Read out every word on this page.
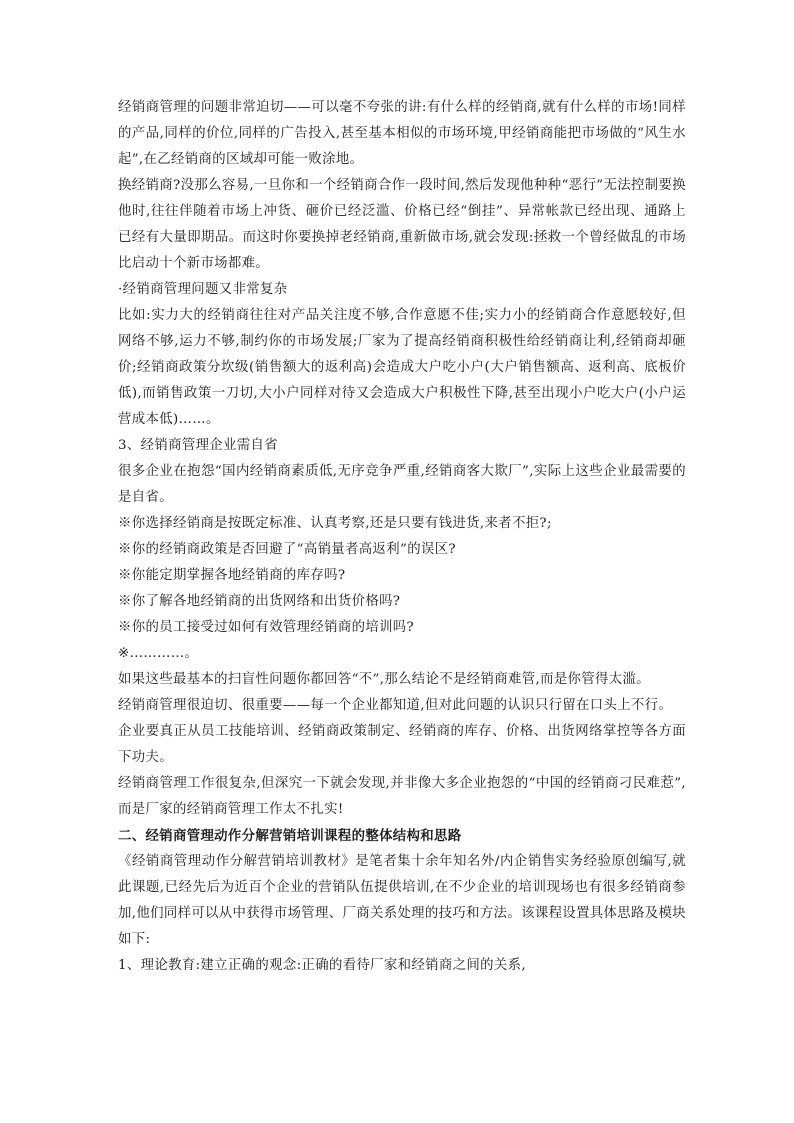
经销商管理的问题非常迫切——可以毫不夸张的讲:有什么样的经销商,就有什么样的市场!同样的产品,同样的价位,同样的广告投入,甚至基本相似的市场环境,甲经销商能把市场做的“风生水起”,在乙经销商的区域却可能一败涂地。

换经销商?没那么容易,一旦你和一个经销商合作一段时间,然后发现他种种“恶行”无法控制要换他时,往往伴随着市场上冲货、砸价已经泛滥、价格已经“倒挂”、异常帐款已经出现、通路上已经有大量即期品。而这时你要换掉老经销商,重新做市场,就会发现:拯救一个曾经做乱的市场比启动十个新市场都难。

·经销商管理问题又非常复杂

比如:实力大的经销商往往对产品关注度不够,合作意愿不佳;实力小的经销商合作意愿较好,但网络不够,运力不够,制约你的市场发展;厂家为了提高经销商积极性给经销商让利,经销商却砸价;经销商政策分坎级(销售额大的返利高)会造成大户吃小户(大户销售额高、返利高、底板价低),而销售政策一刀切,大小户同样对待又会造成大户积极性下降,甚至出现小户吃大户(小户运营成本低)……。

3、经销商管理企业需自省

很多企业在抱怨“国内经销商素质低,无序竞争严重,经销商客大欺厂”,实际上这些企业最需要的是自省。

※你选择经销商是按既定标准、认真考察,还是只要有钱进货,来者不拒?;

※你的经销商政策是否回避了“高销量者高返利”的误区?

※你能定期掌握各地经销商的库存吗?

※你了解各地经销商的出货网络和出货价格吗?

※你的员工接受过如何有效管理经销商的培训吗?

※…………。

如果这些最基本的扫盲性问题你都回答“不”,那么结论不是经销商难管,而是你管得太滥。

经销商管理很迫切、很重要——每一个企业都知道,但对此问题的认识只行留在口头上不行。

企业要真正从员工技能培训、经销商政策制定、经销商的库存、价格、出货网络掌控等各方面下功夫。

经销商管理工作很复杂,但深究一下就会发现,并非像大多企业抱怨的“中国的经销商刁民难惹”,而是厂家的经销商管理工作太不扎实!

二、经销商管理动作分解营销培训课程的整体结构和思路

《经销商管理动作分解营销培训教材》是笔者集十余年知名外/内企销售实务经验原创编写,就此课题,已经先后为近百个企业的营销队伍提供培训,在不少企业的培训现场也有很多经销商参加,他们同样可以从中获得市场管理、厂商关系处理的技巧和方法。该课程设置具体思路及模块如下:

1、理论教育:建立正确的观念:正确的看待厂家和经销商之间的关系,
